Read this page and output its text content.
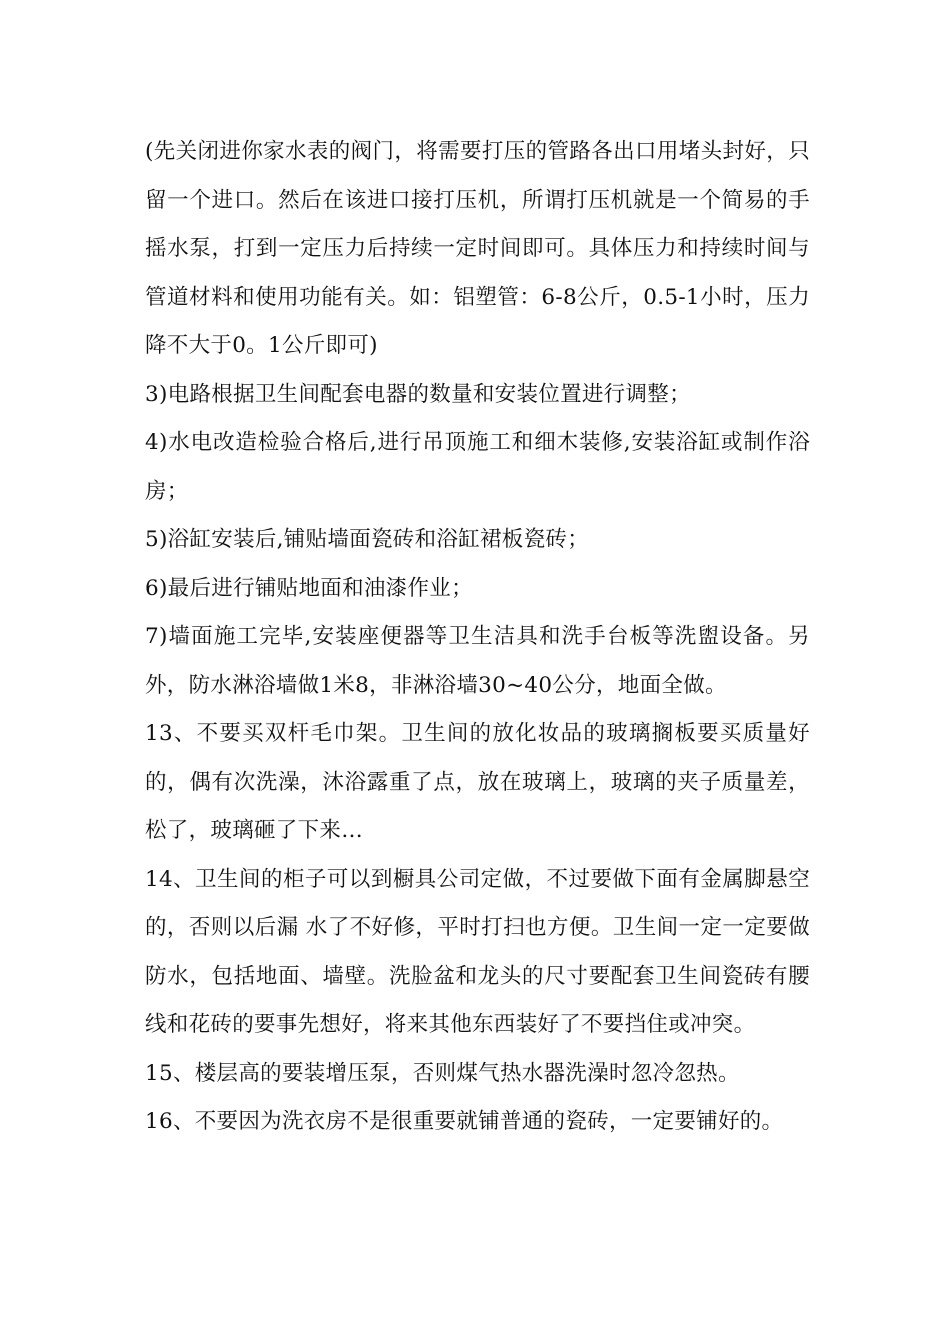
(先关闭进你家水表的阀门，将需要打压的管路各出口用堵头封好，只留一个进口。然后在该进口接打压机，所谓打压机就是一个简易的手摇水泵，打到一定压力后持续一定时间即可。具体压力和持续时间与管道材料和使用功能有关。如：铝塑管：6-8公斤，0.5-1小时，压力降不大于0。1公斤即可)

3)电路根据卫生间配套电器的数量和安装位置进行调整；

4)水电改造检验合格后,进行吊顶施工和细木装修,安装浴缸或制作浴房；

5)浴缸安装后,铺贴墙面瓷砖和浴缸裙板瓷砖；

6)最后进行铺贴地面和油漆作业；

7)墙面施工完毕,安装座便器等卫生洁具和洗手台板等洗盥设备。另外，防水淋浴墙做1米8，非淋浴墙30~40公分，地面全做。

13、不要买双杆毛巾架。卫生间的放化妆品的玻璃搁板要买质量好的，偶有次洗澡，沐浴露重了点，放在玻璃上，玻璃的夹子质量差，松了，玻璃砸了下来…

14、卫生间的柜子可以到橱具公司定做，不过要做下面有金属脚悬空的，否则以后漏 水了不好修，平时打扫也方便。卫生间一定一定要做 防水，包括地面、墙壁。洗脸盆和龙头的尺寸要配套卫生间瓷砖有腰线和花砖的要事先想好，将来其他东西装好了不要挡住或冲突。

15、楼层高的要装增压泵，否则煤气热水器洗澡时忽冷忽热。

16、不要因为洗衣房不是很重要就铺普通的瓷砖，一定要铺好的。
